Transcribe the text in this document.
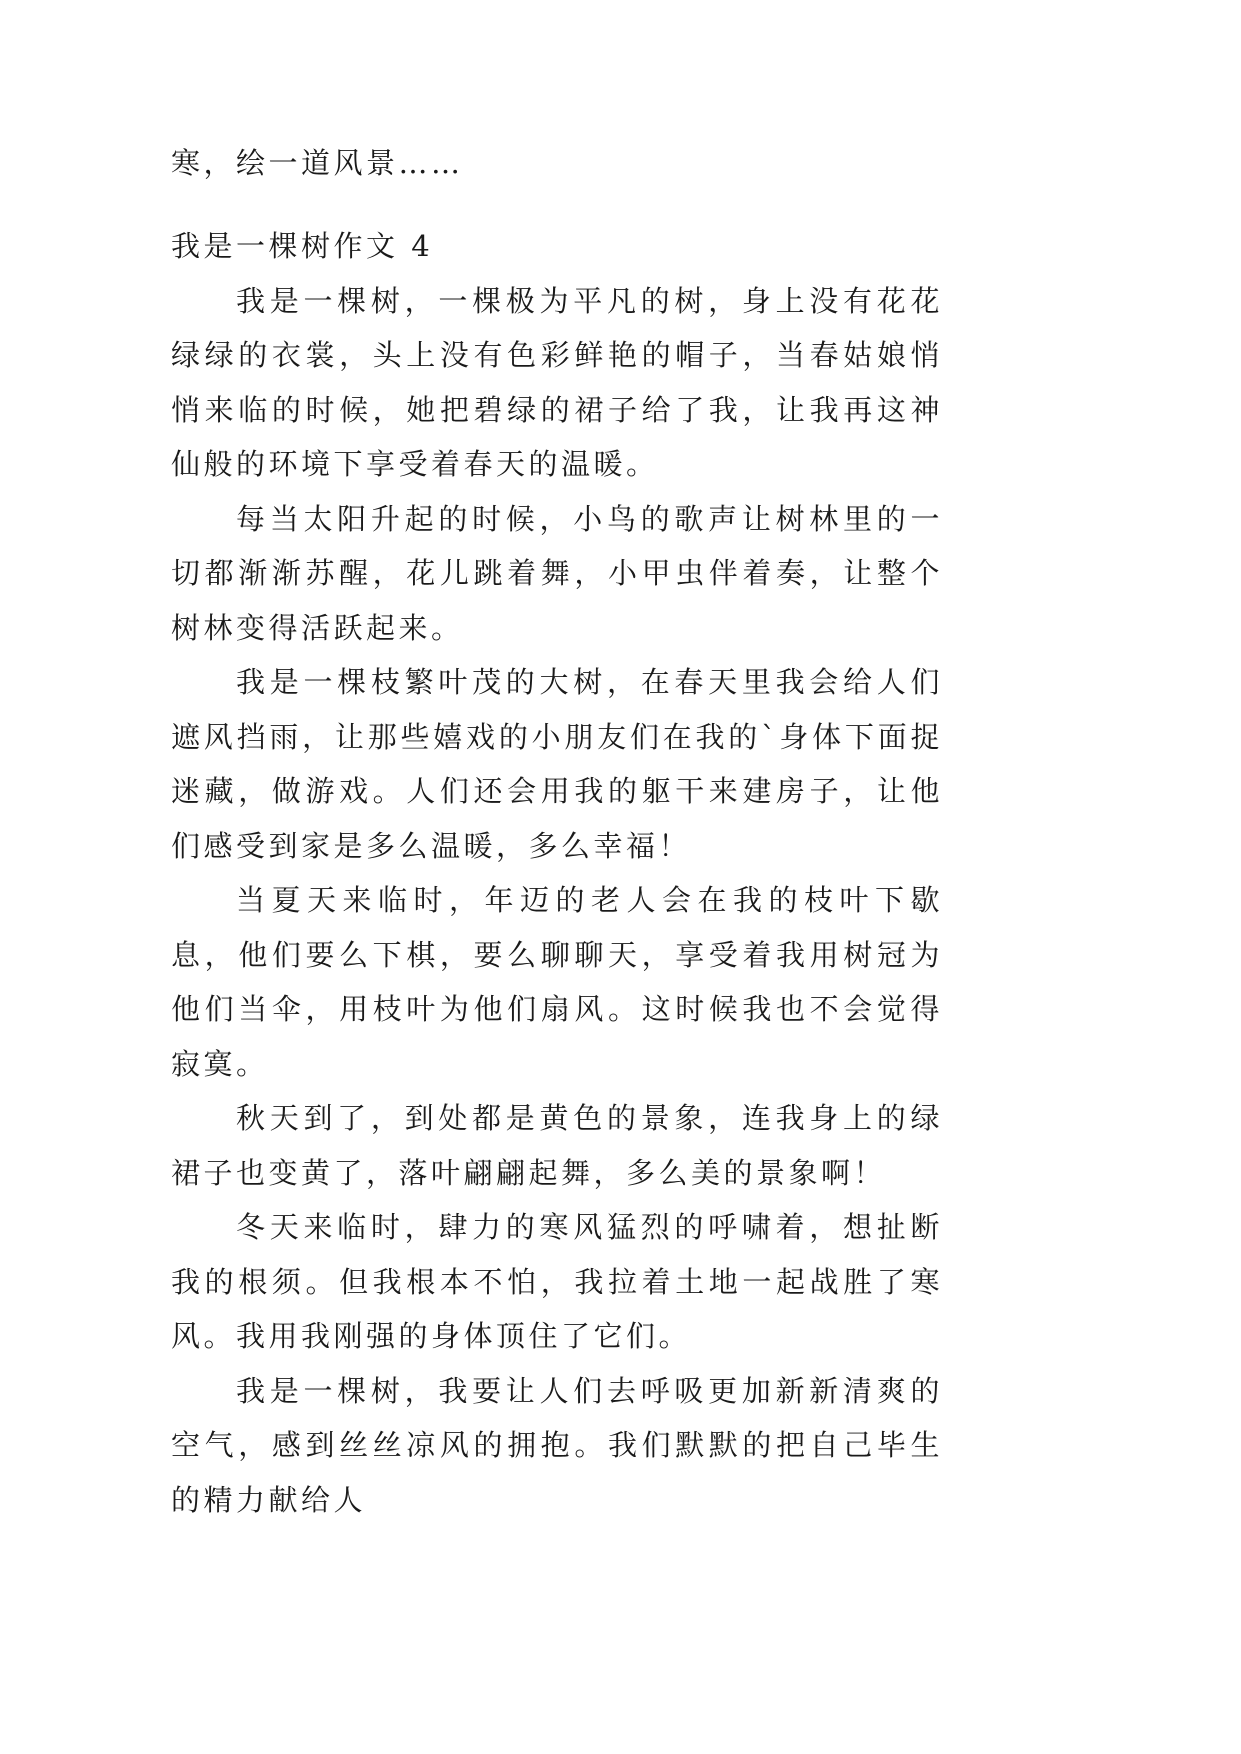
寒，绘一道风景……
我是一棵树作文 4

我是一棵树，一棵极为平凡的树，身上没有花花绿绿的衣裳，头上没有色彩鲜艳的帽子，当春姑娘悄悄来临的时候，她把碧绿的裙子给了我，让我再这神仙般的环境下享受着春天的温暖。

每当太阳升起的时候，小鸟的歌声让树林里的一切都渐渐苏醒，花儿跳着舞，小甲虫伴着奏，让整个树林变得活跃起来。

我是一棵枝繁叶茂的大树，在春天里我会给人们遮风挡雨，让那些嬉戏的小朋友们在我的`身体下面捉迷藏，做游戏。人们还会用我的躯干来建房子，让他们感受到家是多么温暖，多么幸福！

当夏天来临时，年迈的老人会在我的枝叶下歇息，他们要么下棋，要么聊聊天，享受着我用树冠为他们当伞，用枝叶为他们扇风。这时候我也不会觉得寂寞。

秋天到了，到处都是黄色的景象，连我身上的绿裙子也变黄了，落叶翩翩起舞，多么美的景象啊！

冬天来临时，肆力的寒风猛烈的呼啸着，想扯断我的根须。但我根本不怕，我拉着土地一起战胜了寒风。我用我刚强的身体顶住了它们。

我是一棵树，我要让人们去呼吸更加新新清爽的空气，感到丝丝凉风的拥抱。我们默默的把自己毕生的精力献给人
